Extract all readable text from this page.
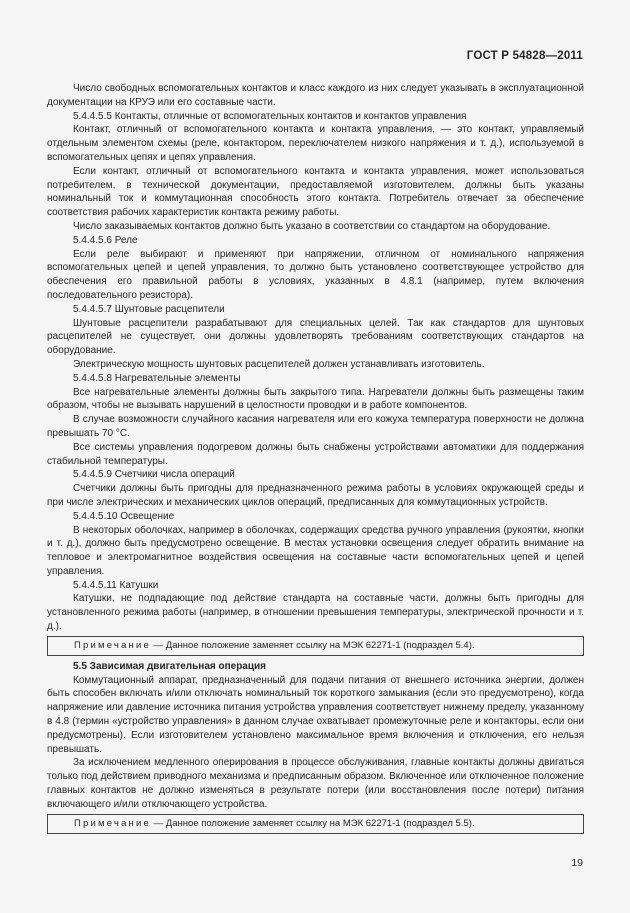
ГОСТ Р 54828—2011

Число свободных вспомогательных контактов и класс каждого из них следует указывать в эксплуатационной документации на КРУЭ или его составные части.

5.4.4.5.5 Контакты, отличные от вспомогательных контактов и контактов управления

Контакт, отличный от вспомогательного контакта и контакта управления, — это контакт, управляемый отдельным элементом схемы (реле, контактором, переключателем низкого напряжения и т. д.), используемой в вспомогательных цепях и цепях управления.

Если контакт, отличный от вспомогательного контакта и контакта управления, может использоваться потребителем, в технической документации, предоставляемой изготовителем, должны быть указаны номинальный ток и коммутационная способность этого контакта. Потребитель отвечает за обеспечение соответствия рабочих характеристик контакта режиму работы.

Число заказываемых контактов должно быть указано в соответствии со стандартом на оборудование.

5.4.4.5.6 Реле

Если реле выбирают и применяют при напряжении, отличном от номинального напряжения вспомогательных цепей и цепей управления, то должно быть установлено соответствующее устройство для обеспечения его правильной работы в условиях, указанных в 4.8.1 (например, путем включения последовательного резистора).

5.4.4.5.7 Шунтовые расцепители

Шунтовые расцепители разрабатывают для специальных целей. Так как стандартов для шунтовых расцепителей не существует, они должны удовлетворять требованиям соответствующих стандартов на оборудование.

Электрическую мощность шунтовых расцепителей должен устанавливать изготовитель.

5.4.4.5.8 Нагревательные элементы

Все нагревательные элементы должны быть закрытого типа. Нагреватели должны быть размещены таким образом, чтобы не вызывать нарушений в целостности проводки и в работе компонентов.

В случае возможности случайного касания нагревателя или его кожуха температура поверхности не должна превышать 70 °С.

Все системы управления подогревом должны быть снабжены устройствами автоматики для поддержания стабильной температуры.

5.4.4.5.9 Счетчики числа операций

Счетчики должны быть пригодны для предназначенного режима работы в условиях окружающей среды и при числе электрических и механических циклов операций, предписанных для коммутационных устройств.

5.4.4.5.10 Освещение

В некоторых оболочках, например в оболочках, содержащих средства ручного управления (рукоятки, кнопки и т. д.), должно быть предусмотрено освещение. В местах установки освещения следует обратить внимание на тепловое и электромагнитное воздействия освещения на составные части вспомогательных цепей и цепей управления.

5.4.4.5.11 Катушки

Катушки, не подпадающие под действие стандарта на составные части, должны быть пригодны для установленного режима работы (например, в отношении превышения температуры, электрической прочности и т. д.).

Примечание — Данное положение заменяет ссылку на МЭК 62271-1 (подраздел 5.4).

5.5 Зависимая двигательная операция

Коммутационный аппарат, предназначенный для подачи питания от внешнего источника энергии, должен быть способен включать и/или отключать номинальный ток короткого замыкания (если это предусмотрено), когда напряжение или давление источника питания устройства управления соответствует нижнему пределу, указанному в 4.8 (термин «устройство управления» в данном случае охватывает промежуточные реле и контакторы, если они предусмотрены). Если изготовителем установлено максимальное время включения и отключения, его нельзя превышать.

За исключением медленного оперирования в процессе обслуживания, главные контакты должны двигаться только под действием приводного механизма и предписанным образом. Включенное или отключенное положение главных контактов не должно изменяться в результате потери (или восстановления после потери) питания включающего и/или отключающего устройства.

Примечание — Данное положение заменяет ссылку на МЭК 62271-1 (подраздел 5.5).
19
